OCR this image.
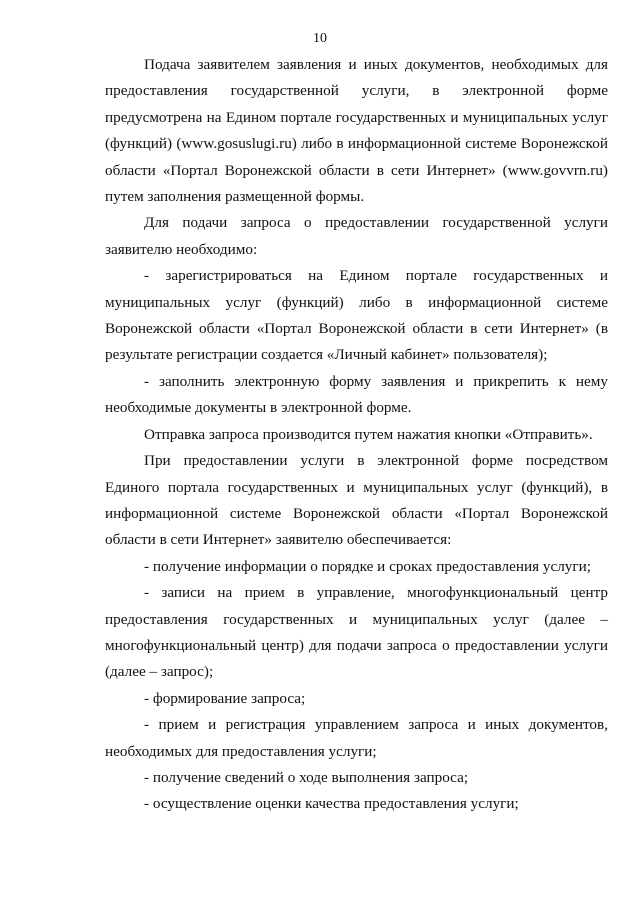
10

Подача заявителем заявления и иных документов, необходимых для предоставления государственной услуги, в электронной форме предусмотрена на Едином портале государственных и муниципальных услуг (функций) (www.gosuslugi.ru) либо в информационной системе Воронежской области «Портал Воронежской области в сети Интернет» (www.govvrn.ru) путем заполнения размещенной формы.

Для подачи запроса о предоставлении государственной услуги заявителю необходимо:

- зарегистрироваться на Едином портале государственных и муниципальных услуг (функций) либо в информационной системе Воронежской области «Портал Воронежской области в сети Интернет» (в результате регистрации создается «Личный кабинет» пользователя);

- заполнить электронную форму заявления и прикрепить к нему необходимые документы в электронной форме.

Отправка запроса производится путем нажатия кнопки «Отправить».

При предоставлении услуги в электронной форме посредством Единого портала государственных и муниципальных услуг (функций), в информационной системе Воронежской области «Портал Воронежской области в сети Интернет» заявителю обеспечивается:

- получение информации о порядке и сроках предоставления услуги;

- записи на прием в управление, многофункциональный центр предоставления государственных и муниципальных услуг (далее – многофункциональный центр) для подачи запроса о предоставлении услуги (далее – запрос);

- формирование запроса;

- прием и регистрация управлением запроса и иных документов, необходимых для предоставления услуги;

- получение сведений о ходе выполнения запроса;

- осуществление оценки качества предоставления услуги;
